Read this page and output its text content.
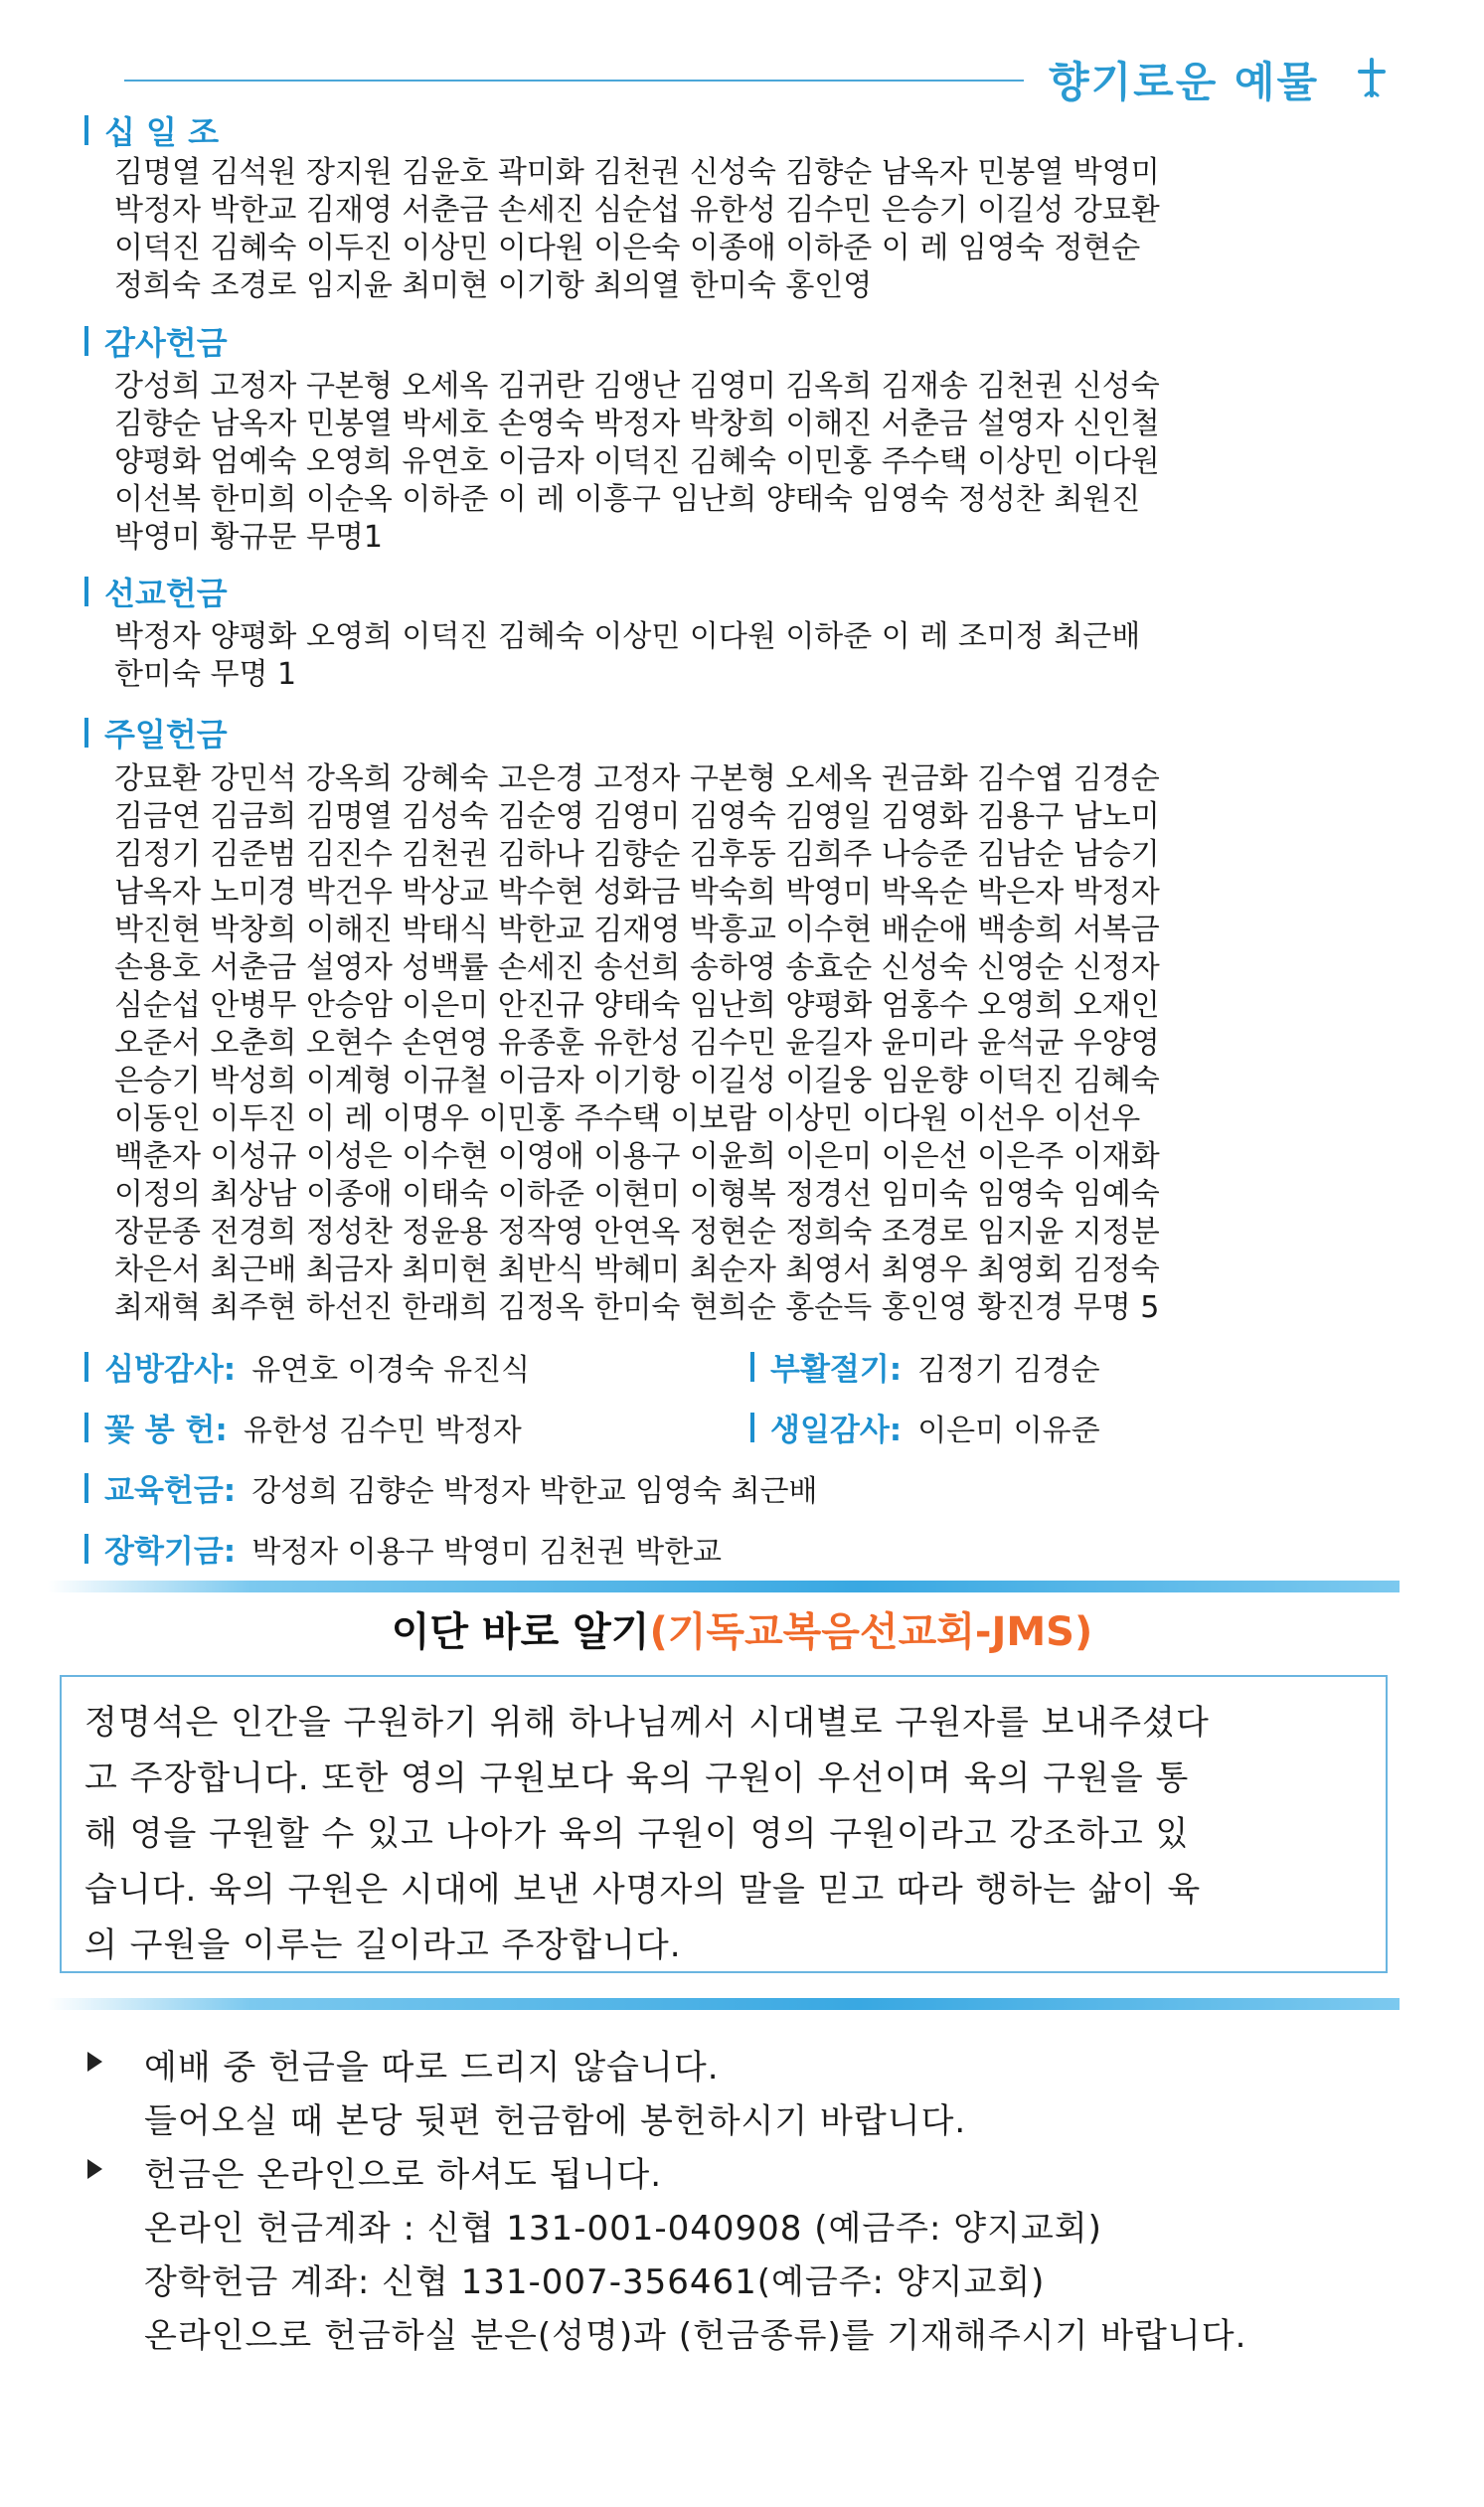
향기로운 예물
십 일 조
김명열 김석원 장지원 김윤호 곽미화 김천권 신성숙 김향순 남옥자 민봉열 박영미
박정자 박한교 김재영 서춘금 손세진 심순섭 유한성 김수민 은승기 이길성 강묘환
이덕진 김혜숙 이두진 이상민 이다원 이은숙 이종애 이하준 이 레 임영숙 정현순
정희숙 조경로 임지윤 최미현 이기항 최의열 한미숙 홍인영
감사헌금
강성희 고정자 구본형 오세옥 김귀란 김앵난 김영미 김옥희 김재송 김천권 신성숙
김향순 남옥자 민봉열 박세호 손영숙 박정자 박창희 이해진 서춘금 설영자 신인철
양평화 엄예숙 오영희 유연호 이금자 이덕진 김혜숙 이민홍 주수택 이상민 이다원
이선복 한미희 이순옥 이하준 이 레 이흥구 임난희 양태숙 임영숙 정성찬 최원진
박영미 황규문 무명1
선교헌금
박정자 양평화 오영희 이덕진 김혜숙 이상민 이다원 이하준 이 레 조미정 최근배
한미숙 무명 1
주일헌금
강묘환 강민석 강옥희 강혜숙 고은경 고정자 구본형 오세옥 권금화 김수엽 김경순
김금연 김금희 김명열 김성숙 김순영 김영미 김영숙 김영일 김영화 김용구 남노미
김정기 김준범 김진수 김천권 김하나 김향순 김후동 김희주 나승준 김남순 남승기
남옥자 노미경 박건우 박상교 박수현 성화금 박숙희 박영미 박옥순 박은자 박정자
박진현 박창희 이해진 박태식 박한교 김재영 박흥교 이수현 배순애 백송희 서복금
손용호 서춘금 설영자 성백률 손세진 송선희 송하영 송효순 신성숙 신영순 신정자
심순섭 안병무 안승암 이은미 안진규 양태숙 임난희 양평화 엄홍수 오영희 오재인
오준서 오춘희 오현수 손연영 유종훈 유한성 김수민 윤길자 윤미라 윤석균 우양영
은승기 박성희 이계형 이규철 이금자 이기항 이길성 이길웅 임운향 이덕진 김혜숙
이동인 이두진 이 레 이명우 이민홍 주수택 이보람 이상민 이다원 이선우 이선우
백춘자 이성규 이성은 이수현 이영애 이용구 이윤희 이은미 이은선 이은주 이재화
이정의 최상남 이종애 이태숙 이하준 이현미 이형복 정경선 임미숙 임영숙 임예숙
장문종 전경희 정성찬 정윤용 정작영 안연옥 정현순 정희숙 조경로 임지윤 지정분
차은서 최근배 최금자 최미현 최반식 박혜미 최순자 최영서 최영우 최영회 김정숙
최재혁 최주현 하선진 한래희 김정옥 한미숙 현희순 홍순득 홍인영 황진경 무명 5
심방감사: 유연호 이경숙 유진식	부활절기: 김정기 김경순
꽃 봉 헌: 유한성 김수민 박정자	생일감사: 이은미 이유준
교육헌금: 강성희 김향순 박정자 박한교 임영숙 최근배
장학기금: 박정자 이용구 박영미 김천권 박한교
이단 바로 알기(기독교복음선교회-JMS)
정명석은 인간을 구원하기 위해 하나님께서 시대별로 구원자를 보내주셨다
고 주장합니다. 또한 영의 구원보다 육의 구원이 우선이며 육의 구원을 통
해 영을 구원할 수 있고 나아가 육의 구원이 영의 구원이라고 강조하고 있
습니다. 육의 구원은 시대에 보낸 사명자의 말을 믿고 따라 행하는 삶이 육
의 구원을 이루는 길이라고 주장합니다.
예배 중 헌금을 따로 드리지 않습니다.
들어오실 때 본당 뒷편 헌금함에 봉헌하시기 바랍니다.
헌금은 온라인으로 하셔도 됩니다.
온라인 헌금계좌 : 신협 131-001-040908 (예금주: 양지교회)
장학헌금 계좌: 신협 131-007-356461(예금주: 양지교회)
온라인으로 헌금하실 분은(성명)과 (헌금종류)를 기재해주시기 바랍니다.
